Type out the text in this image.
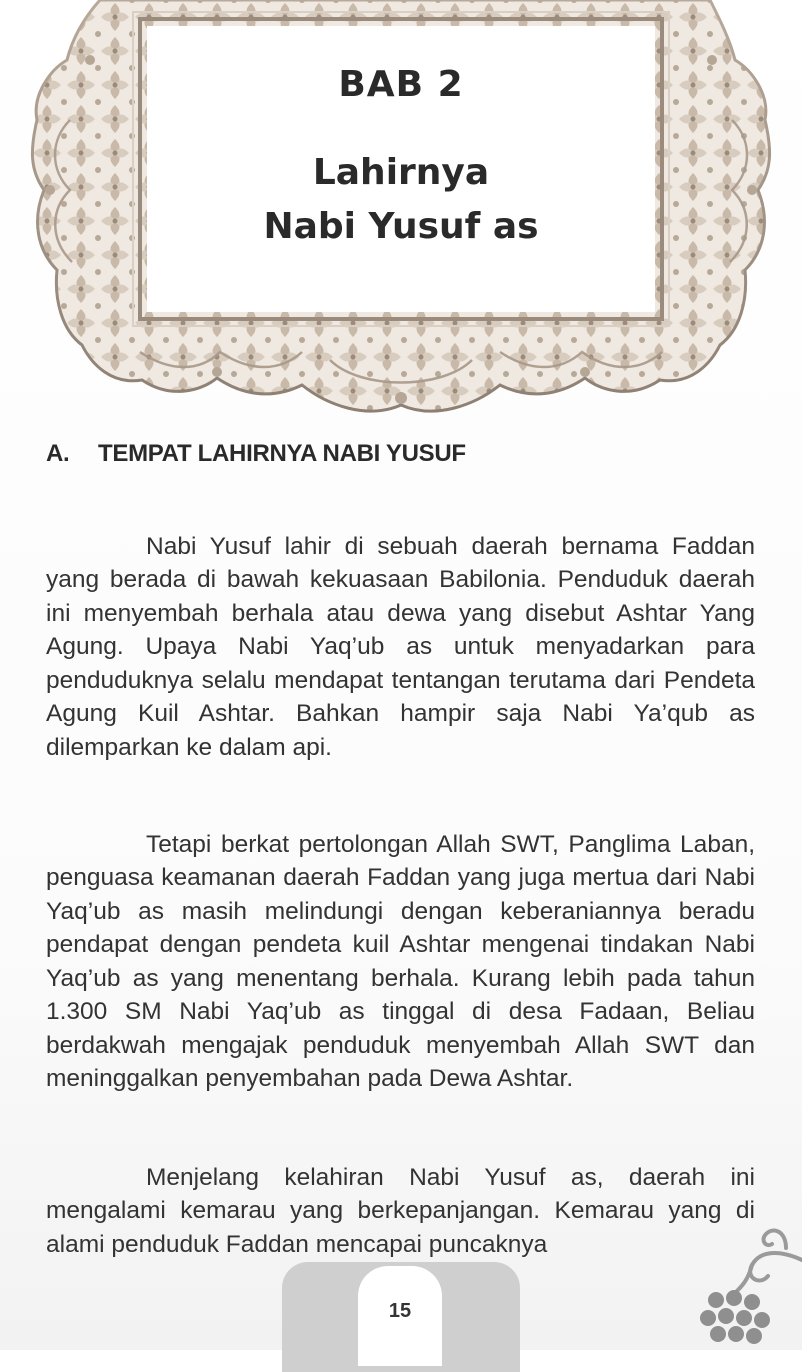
BAB 2
Lahirnya
Nabi Yusuf as
A. TEMPAT LAHIRNYA NABI YUSUF

Nabi Yusuf lahir di sebuah daerah bernama Faddan yang berada di bawah kekuasaan Babilonia. Penduduk daerah ini menyembah berhala atau dewa yang disebut Ashtar Yang Agung. Upaya Nabi Yaq’ub as untuk menyadarkan para penduduknya selalu mendapat tentangan terutama dari Pendeta Agung Kuil Ashtar. Bahkan hampir saja Nabi Ya’qub as dilemparkan ke dalam api.

Tetapi berkat pertolongan Allah SWT, Panglima Laban, penguasa keamanan daerah Faddan yang juga mertua dari Nabi Yaq’ub as masih melindungi dengan keberaniannya beradu pendapat dengan pendeta kuil Ashtar mengenai tindakan Nabi Yaq’ub as yang menentang berhala. Kurang lebih pada tahun 1.300 SM Nabi Yaq’ub as tinggal di desa Fadaan, Beliau berdakwah mengajak penduduk menyembah Allah SWT dan meninggalkan penyembahan pada Dewa Ashtar.

Menjelang kelahiran Nabi Yusuf as, daerah ini mengalami kemarau yang berkepanjangan. Kemarau yang di alami penduduk Faddan mencapai puncaknya

15
